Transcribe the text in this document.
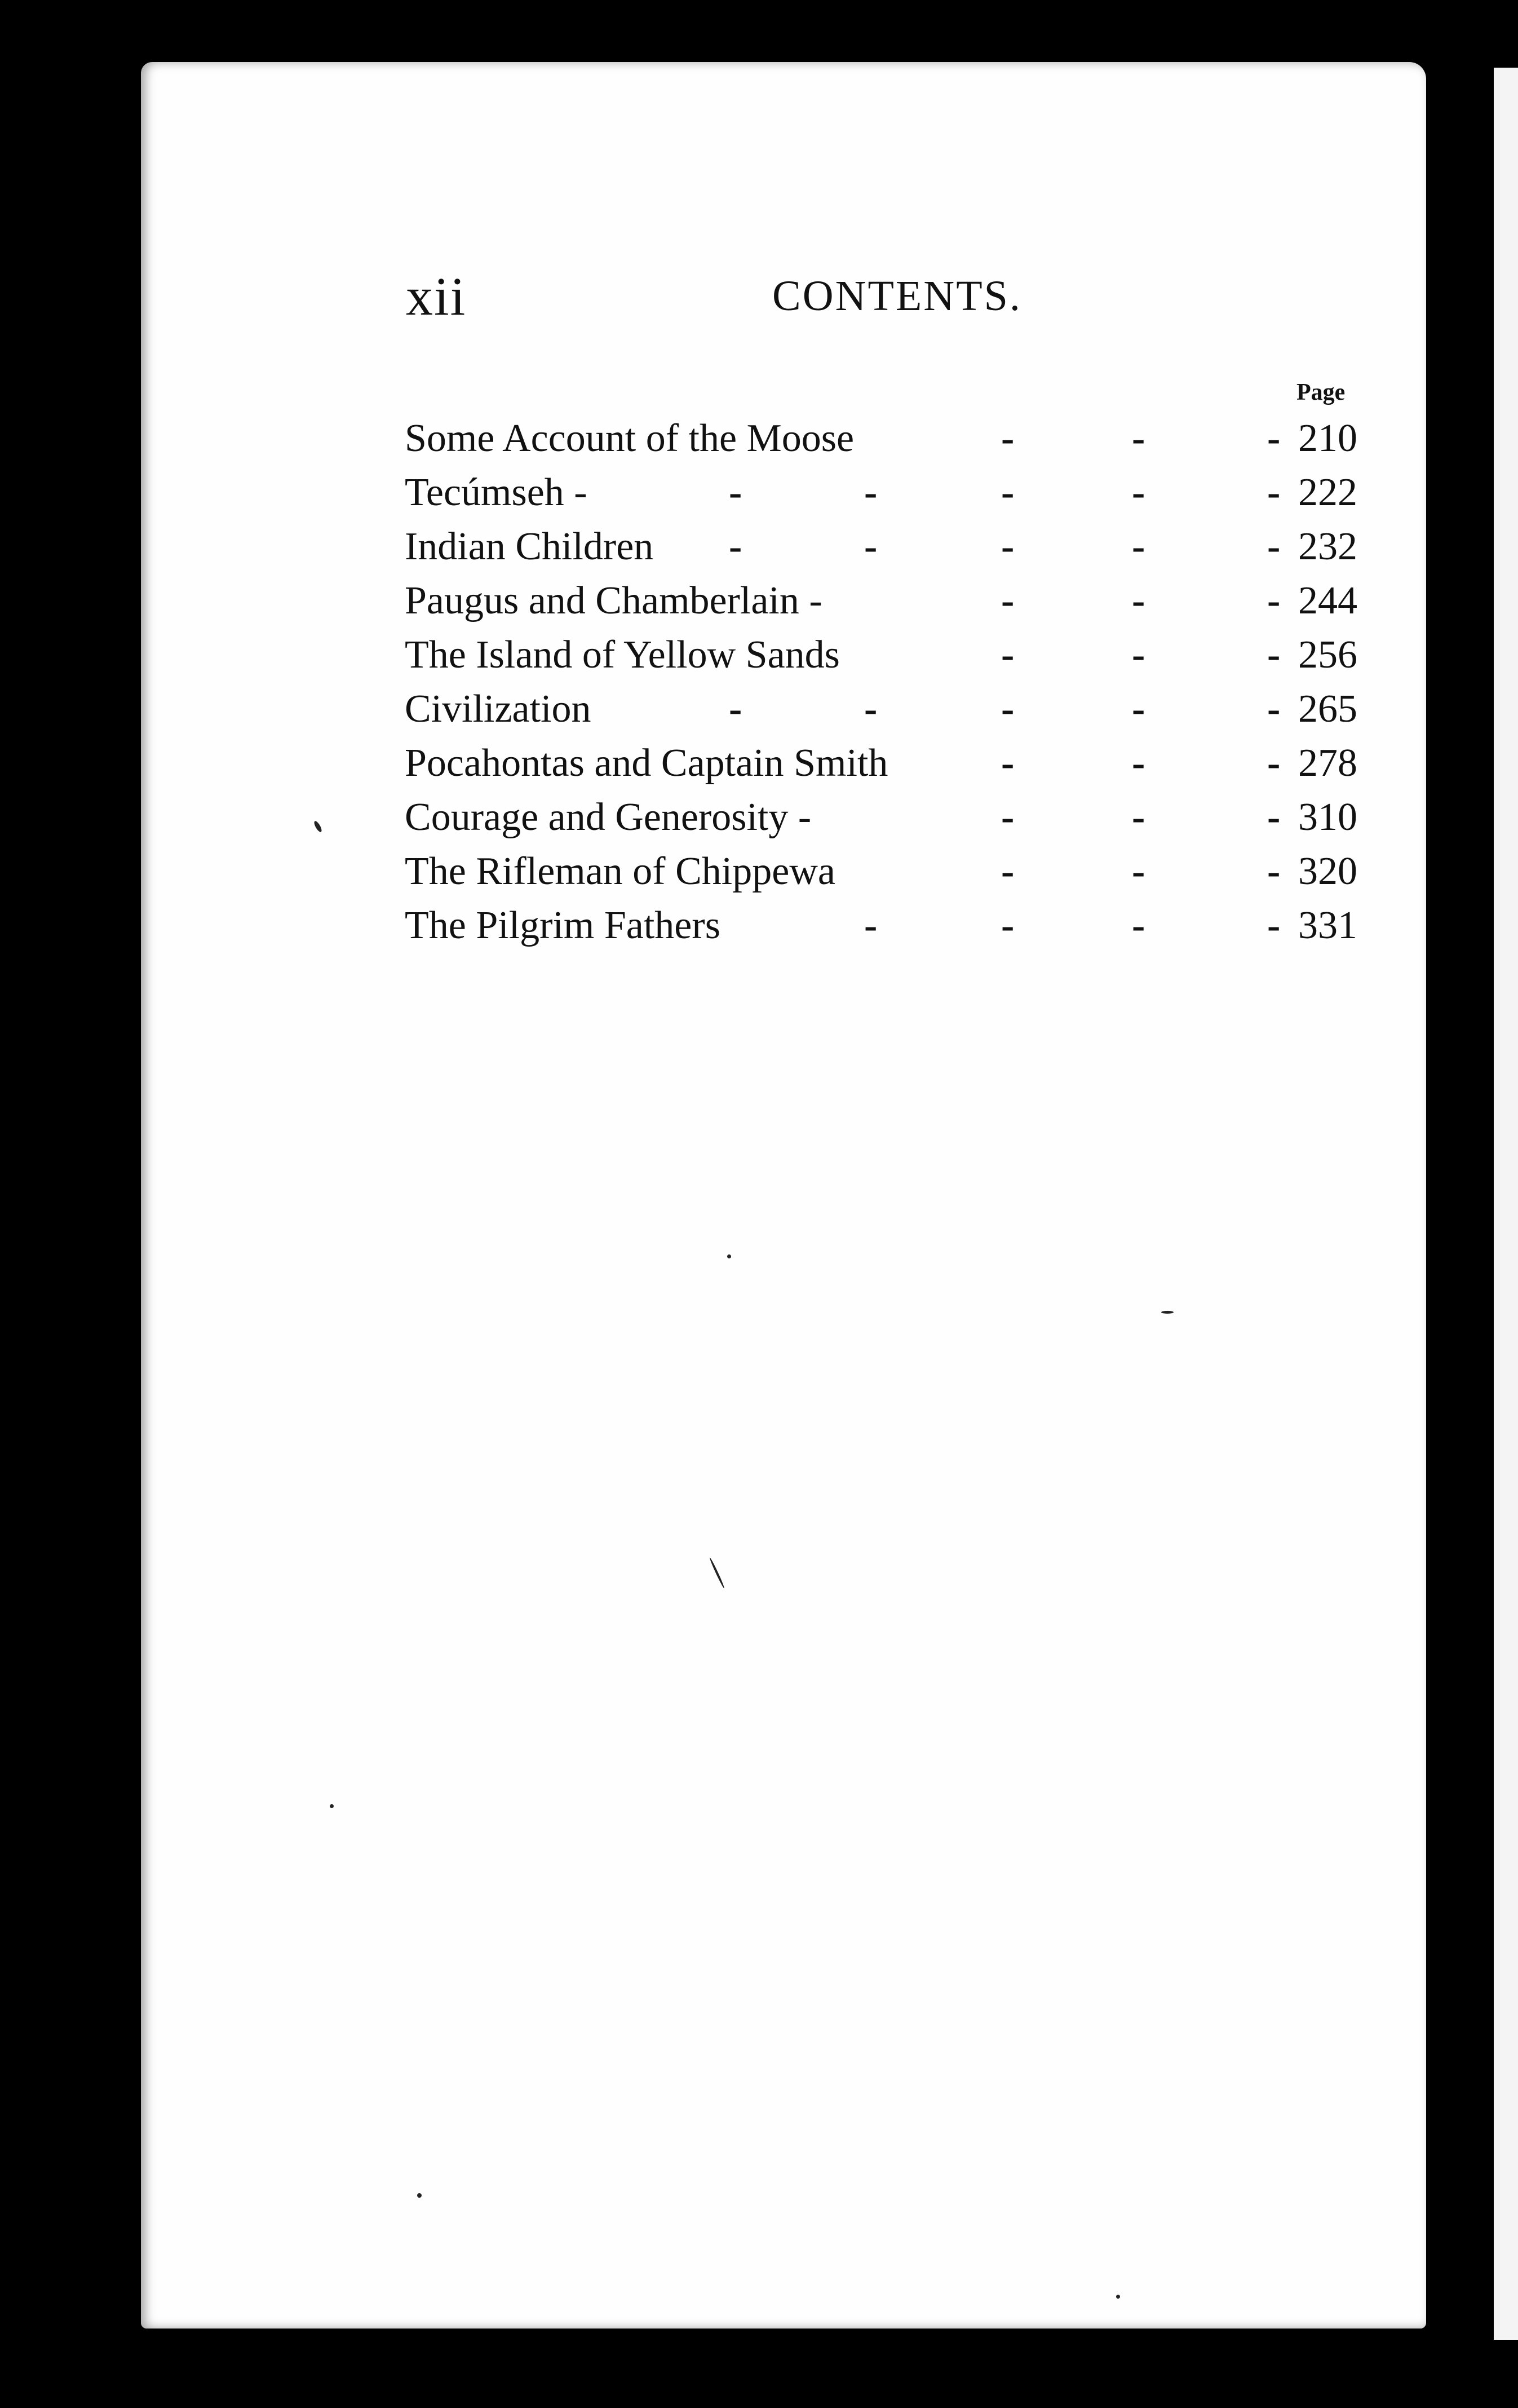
xii	CONTENTS.
Page
Some Account of the Moose	-	-	- 210
Tecúmseh -	-	-	-	-	- 222
Indian Children -	-	-	-	- 232
Paugus and Chamberlain -	-	-	- 244
The Island of Yellow Sands	-	-	- 256
Civilization	-	-	-	-	- 265
Pocahontas and Captain Smith	-	-	- 278
Courage and Generosity -	-	-	- 310
The Rifleman of Chippewa	-	-	- 320
The Pilgrim Fathers	-	-	-	- 331
